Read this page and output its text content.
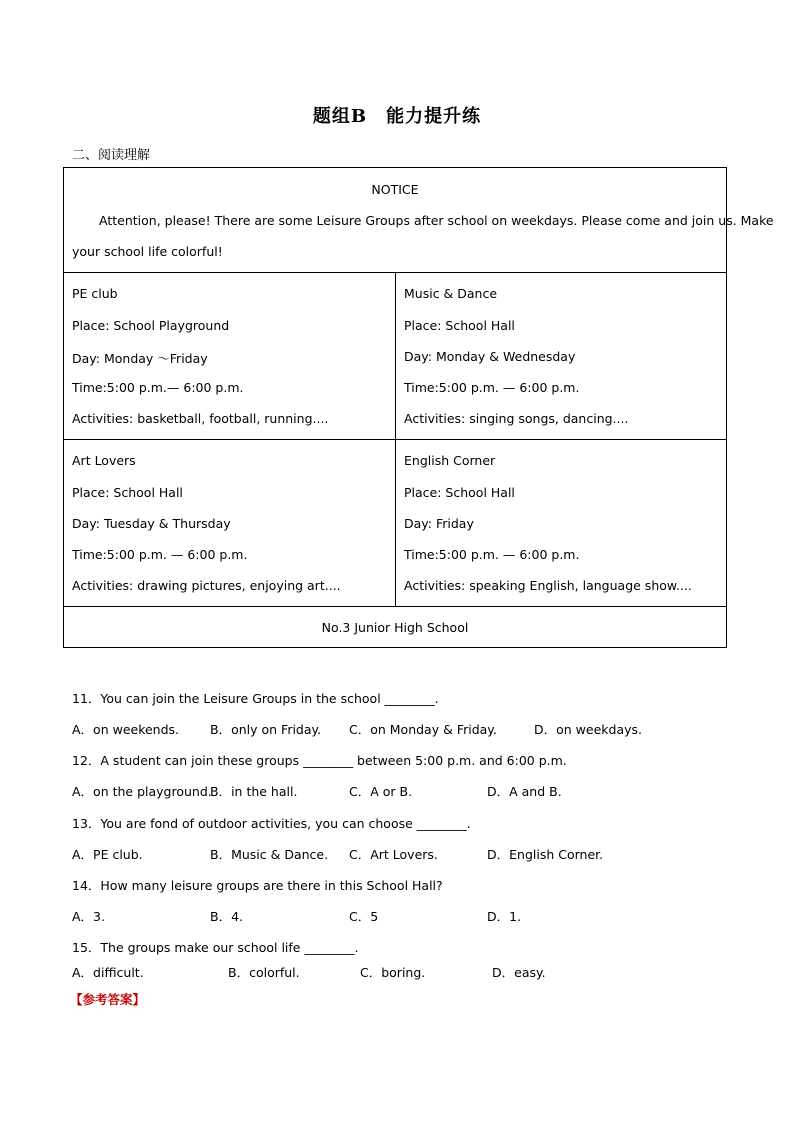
题组B　能力提升练
二、阅读理解
NOTICE
Attention, please! There are some Leisure Groups after school on weekdays. Please come and join us. Make
your school life colorful!
PE club
Place: School Playground
Day: Monday ～Friday
Time:5:00 p.m.— 6:00 p.m.
Activities: basketball, football, running....
Music & Dance
Place: School Hall
Day: Monday & Wednesday
Time:5:00 p.m. — 6:00 p.m.
Activities: singing songs, dancing....
Art Lovers
Place: School Hall
Day: Tuesday & Thursday
Time:5:00 p.m. — 6:00 p.m.
Activities: drawing pictures, enjoying art....
English Corner
Place: School Hall
Day: Friday
Time:5:00 p.m. — 6:00 p.m.
Activities: speaking English, language show....
No.3 Junior High School
11．You can join the Leisure Groups in the school ________.
A．on weekends. B．only on Friday. C．on Monday & Friday.	D．on weekdays.
12．A student can join these groups ________ between 5:00 p.m. and 6:00 p.m.
A．on the playground.
B．in the hall.	C．A or B.	D．A and B.
13．You are fond of outdoor activities, you can choose ________.
A．PE club.	B．Music & Dance. C．Art Lovers.	D．English Corner.
14．How many leisure groups are there in this School Hall?
A．3.	B．4.	C．5	D．1.
15．The groups make our school life ________.
A．difficult.	B．colorful.	C．boring.	D．easy.
【参考答案】
